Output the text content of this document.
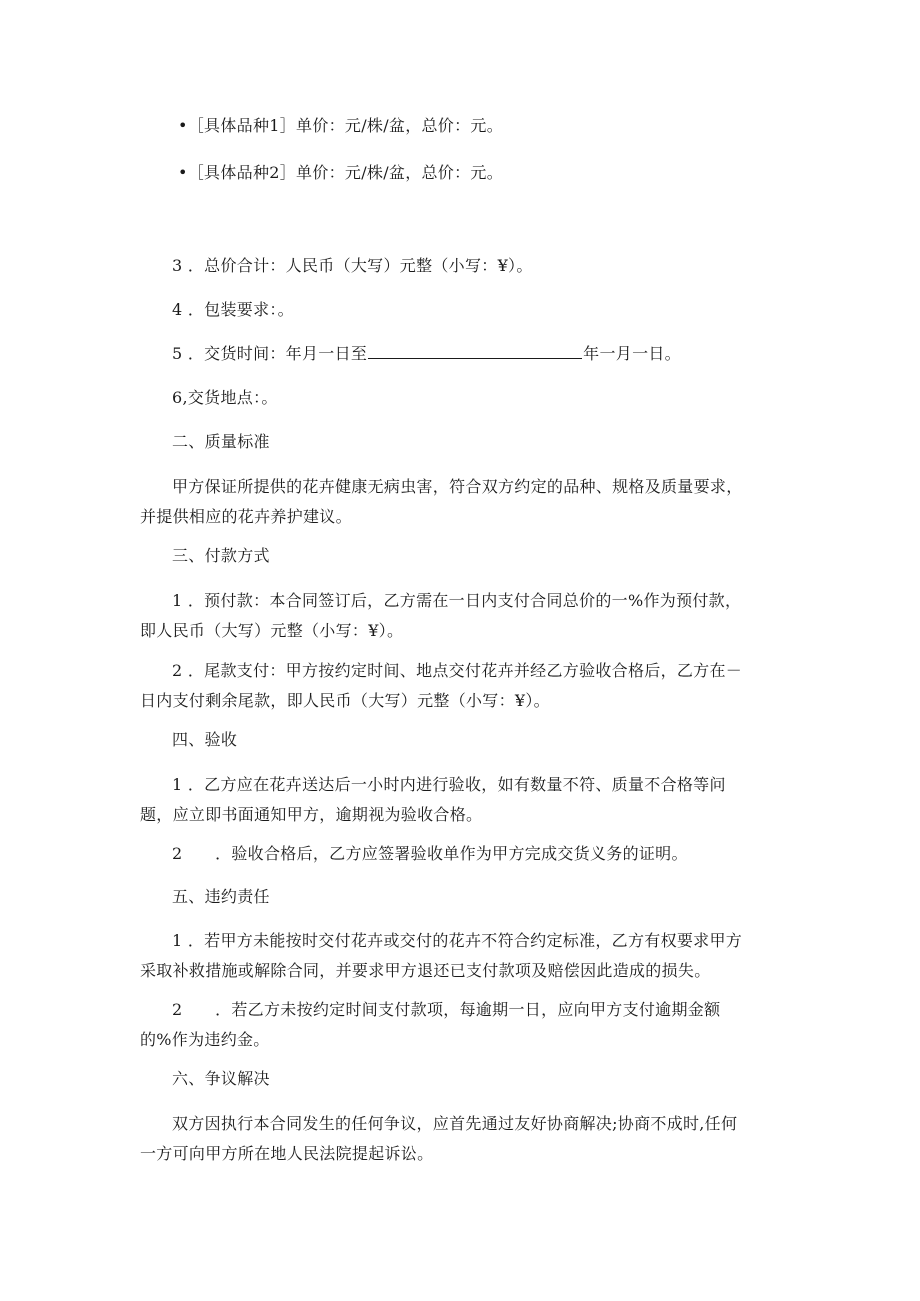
•［具体品种1］单价：元/株/盆，总价：元。
•［具体品种2］单价：元/株/盆，总价：元。
3 ．总价合计：人民币（大写）元整（小写：¥）。
4 ．包装要求：。
5 ．交货时间：年月一日至	年一月一日。
6,交货地点：。
二、质量标准
甲方保证所提供的花卉健康无病虫害，符合双方约定的品种、规格及质量要求，并提供相应的花卉养护建议。
三、付款方式
1 ．预付款：本合同签订后，乙方需在一日内支付合同总价的一%作为预付款，即人民币（大写）元整（小写：¥）。
2 ．尾款支付：甲方按约定时间、地点交付花卉并经乙方验收合格后，乙方在－日内支付剩余尾款，即人民币（大写）元整（小写：¥）。
四、验收
1 ．乙方应在花卉送达后一小时内进行验收，如有数量不符、质量不合格等问题，应立即书面通知甲方，逾期视为验收合格。
2　　．验收合格后，乙方应签署验收单作为甲方完成交货义务的证明。
五、违约责任
1 ．若甲方未能按时交付花卉或交付的花卉不符合约定标准，乙方有权要求甲方采取补救措施或解除合同，并要求甲方退还已支付款项及赔偿因此造成的损失。
2　　．若乙方未按约定时间支付款项，每逾期一日，应向甲方支付逾期金额的%作为违约金。
六、争议解决
双方因执行本合同发生的任何争议，应首先通过友好协商解决;协商不成时,任何一方可向甲方所在地人民法院提起诉讼。
